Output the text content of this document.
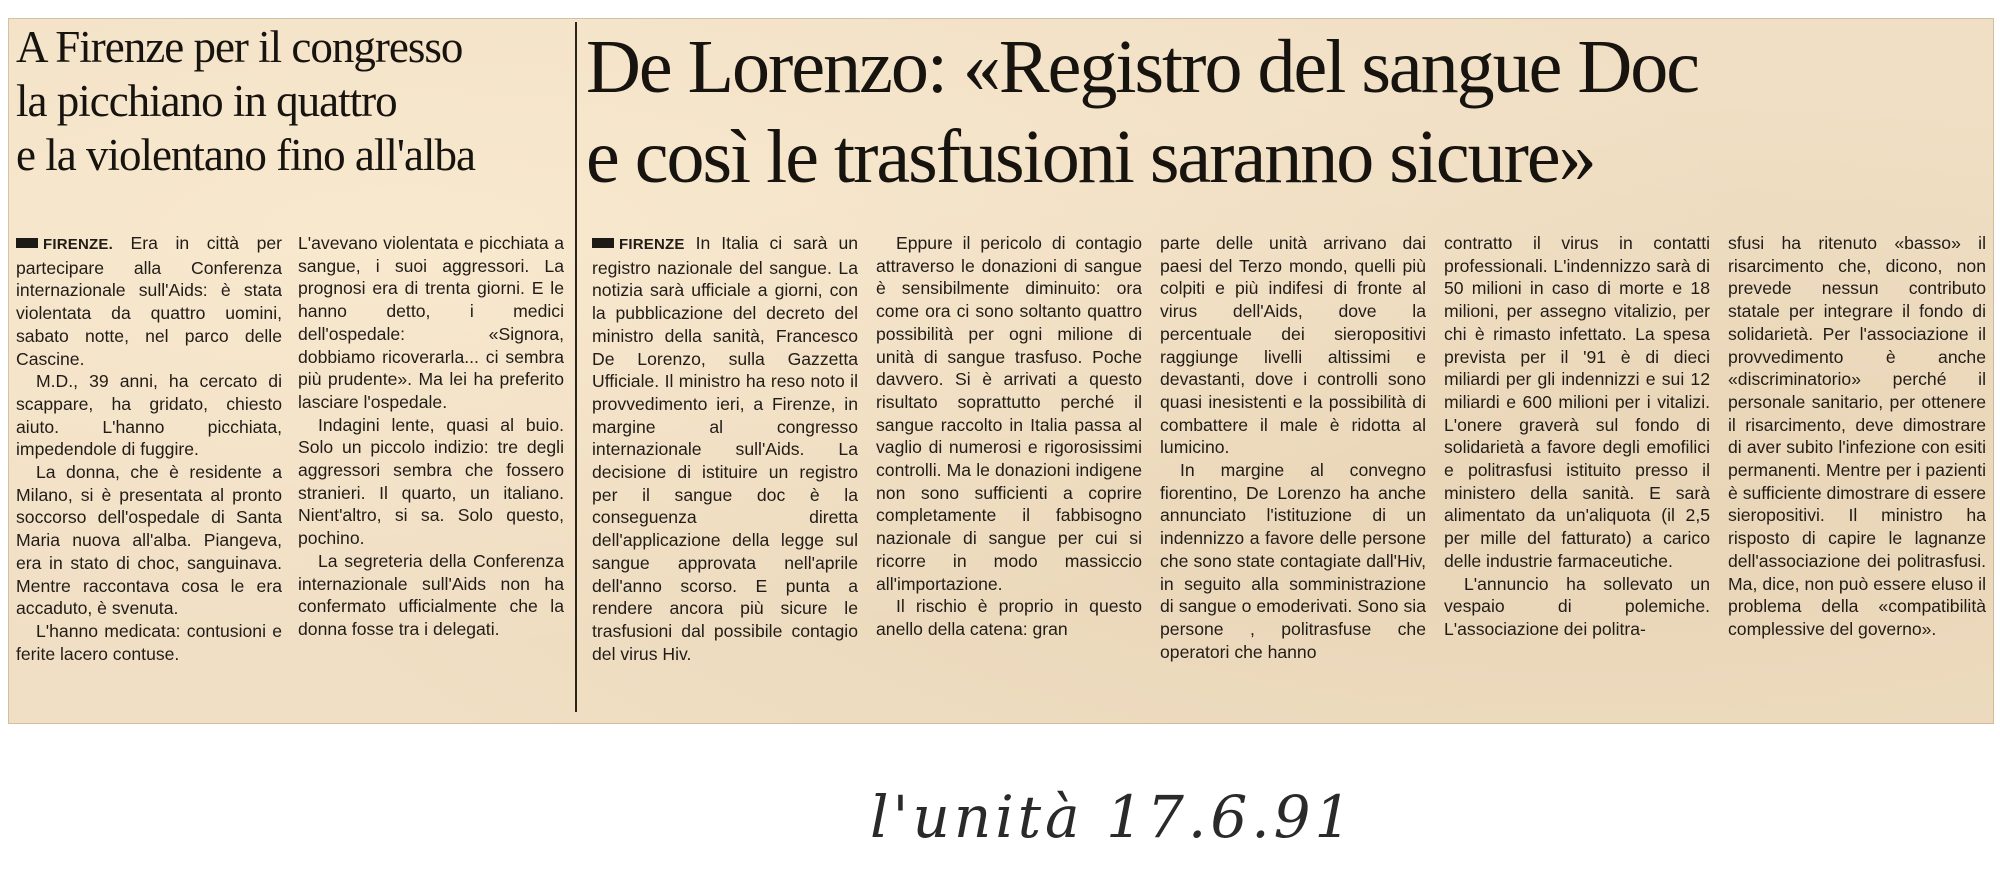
A Firenze per il congresso
la picchiano in quattro
e la violentano fino all'alba
De Lorenzo: «Registro del sangue Doc
e così le trasfusioni saranno sicure»

FIRENZE. Era in città per partecipare alla Conferenza internazionale sull'Aids: è stata violentata da quattro uomini, sabato notte, nel parco delle Cascine.

M.D., 39 anni, ha cercato di scappare, ha gridato, chiesto aiuto. L'hanno picchiata, impedendole di fuggire.

La donna, che è residente a Milano, si è presentata al pronto soccorso dell'ospedale di Santa Maria nuova all'alba. Piangeva, era in stato di choc, sanguinava. Mentre raccontava cosa le era accaduto, è svenuta.

L'hanno medicata: contusioni e ferite lacero contuse.

L'avevano violentata e picchiata a sangue, i suoi aggressori. La prognosi era di trenta giorni. E le hanno detto, i medici dell'ospedale: «Signora, dobbiamo ricoverarla... ci sembra più prudente». Ma lei ha preferito lasciare l'ospedale.

Indagini lente, quasi al buio. Solo un piccolo indizio: tre degli aggressori sembra che fossero stranieri. Il quarto, un italiano. Nient'altro, si sa. Solo questo, pochino.

La segreteria della Conferenza internazionale sull'Aids non ha confermato ufficialmente che la donna fosse tra i delegati.

FIRENZE In Italia ci sarà un registro nazionale del sangue. La notizia sarà ufficiale a giorni, con la pubblicazione del decreto del ministro della sanità, Francesco De Lorenzo, sulla Gazzetta Ufficiale. Il ministro ha reso noto il provvedimento ieri, a Firenze, in margine al congresso internazionale sull'Aids. La decisione di istituire un registro per il sangue doc è la conseguenza diretta dell'applicazione della legge sul sangue approvata nell'aprile dell'anno scorso. E punta a rendere ancora più sicure le trasfusioni dal possibile contagio del virus Hiv.

Eppure il pericolo di contagio attraverso le donazioni di sangue è sensibilmente diminuito: ora come ora ci sono soltanto quattro possibilità per ogni milione di unità di sangue trasfuso. Poche davvero. Si è arrivati a questo risultato soprattutto perché il sangue raccolto in Italia passa al vaglio di numerosi e rigorosissimi controlli. Ma le donazioni indigene non sono sufficienti a coprire completamente il fabbisogno nazionale di sangue per cui si ricorre in modo massiccio all'importazione.

Il rischio è proprio in questo anello della catena: gran

parte delle unità arrivano dai paesi del Terzo mondo, quelli più colpiti e più indifesi di fronte al virus dell'Aids, dove la percentuale dei sieropositivi raggiunge livelli altissimi e devastanti, dove i controlli sono quasi inesistenti e la possibilità di combattere il male è ridotta al lumicino.

In margine al convegno fiorentino, De Lorenzo ha anche annunciato l'istituzione di un indennizzo a favore delle persone che sono state contagiate dall'Hiv, in seguito alla somministrazione di sangue o emoderivati. Sono sia persone , politrasfuse che operatori che hanno

contratto il virus in contatti professionali. L'indennizzo sarà di 50 milioni in caso di morte e 18 milioni, per assegno vitalizio, per chi è rimasto infettato. La spesa prevista per il '91 è di dieci miliardi per gli indennizzi e sui 12 miliardi e 600 milioni per i vitalizi. L'onere graverà sul fondo di solidarietà a favore degli emofilici e politrasfusi istituito presso il ministero della sanità. E sarà alimentato da un'aliquota (il 2,5 per mille del fatturato) a carico delle industrie farmaceutiche.

L'annuncio ha sollevato un vespaio di polemiche. L'associazione dei politra-

sfusi ha ritenuto «basso» il risarcimento che, dicono, non prevede nessun contributo statale per integrare il fondo di solidarietà. Per l'associazione il provvedimento è anche «discriminatorio» perché il personale sanitario, per ottenere il risarcimento, deve dimostrare di aver subito l'infezione con esiti permanenti. Mentre per i pazienti è sufficiente dimostrare di essere sieropositivi. Il ministro ha risposto di capire le lagnanze dell'associazione dei politrasfusi. Ma, dice, non può essere eluso il problema della «compatibilità complessive del governo».

l'unità 17.6.91
